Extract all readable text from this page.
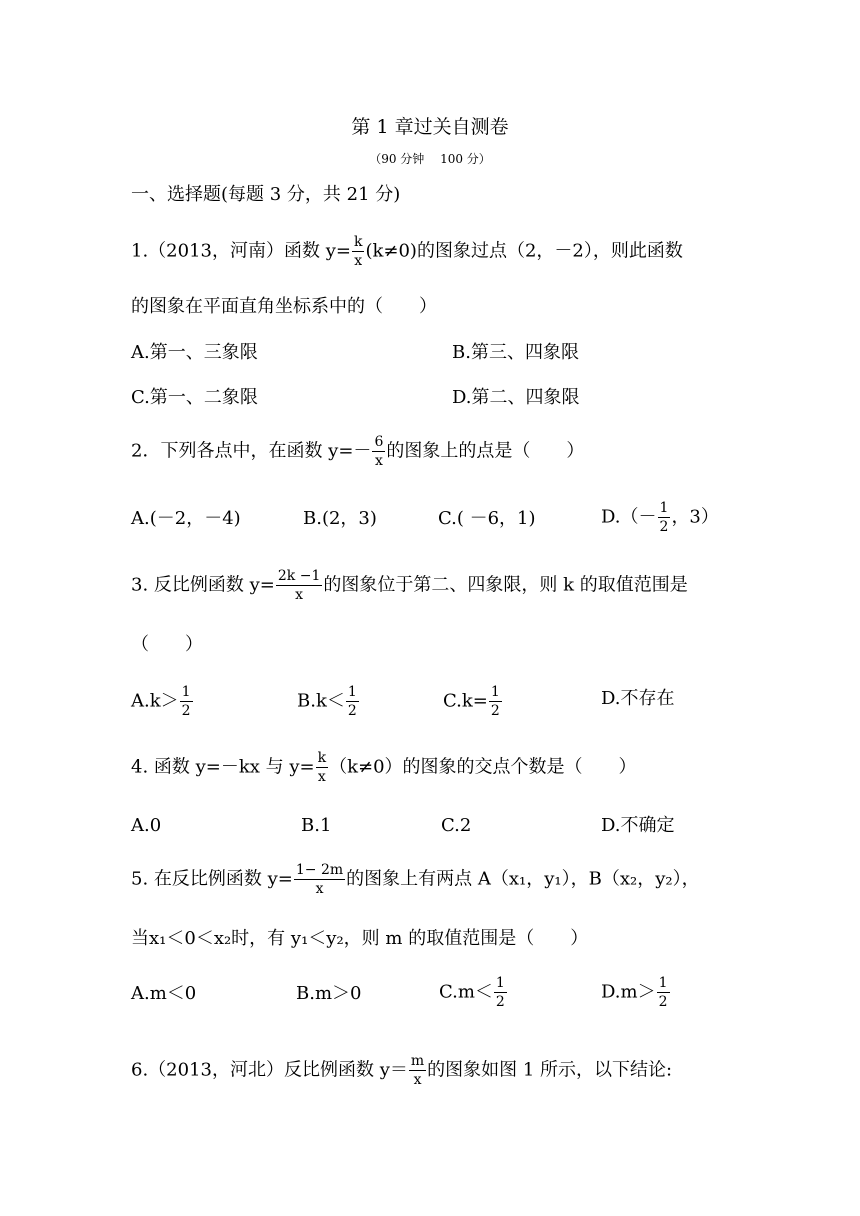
第 1 章过关自测卷
（90 分钟　 100 分）
一、选择题(每题 3 分，共 21 分)
1.（2013，河南）函数 $y= \frac{k}{x} (k\ne 0)$的图象过点（2，－2），则此函数
的图象在平面直角坐标系中的（　　）
A.第一、三象限	B.第三、四象限
C.第一、二象限	D.第二、四象限
2．下列各点中，在函数 $y=- \frac{6}{x}$ 的图象上的点是（　　）
A.(－2，－4)	B.(2，3)	C.( －6，1)	$D.(- \frac{1}{2}$ ，3）
3. 反比例函数 $y= \frac{2k -1}{x}$ 的图象位于第二、四象限，则 k 的取值范围是
（　　）
$A.k> \frac{1}{2}$	$B.k< \frac{1}{2}$	$C.k= \frac{1}{2}$	D.不存在
4. 函数 y=－kx 与 $y= \frac{k}{x} (k\ne 0)$的图象的交点个数是（　　）
A.0	B.1	C.2	D.不确定
5. 在反比例函数 $y= \frac{1- 2m}{x}$ 的图象上有两点 A（x₁，y₁），B（x₂，y₂），
当x₁＜0＜x₂时，有 y₁＜y₂，则 m 的取值范围是（　　）
A.m＜0	B.m＞0	$C.m< \frac{1}{2}$	$D.m> \frac{1}{2}$
6.（2013，河北）反比例函数 $y= \frac{m}{x}$ 的图象如图 1 所示，以下结论:
